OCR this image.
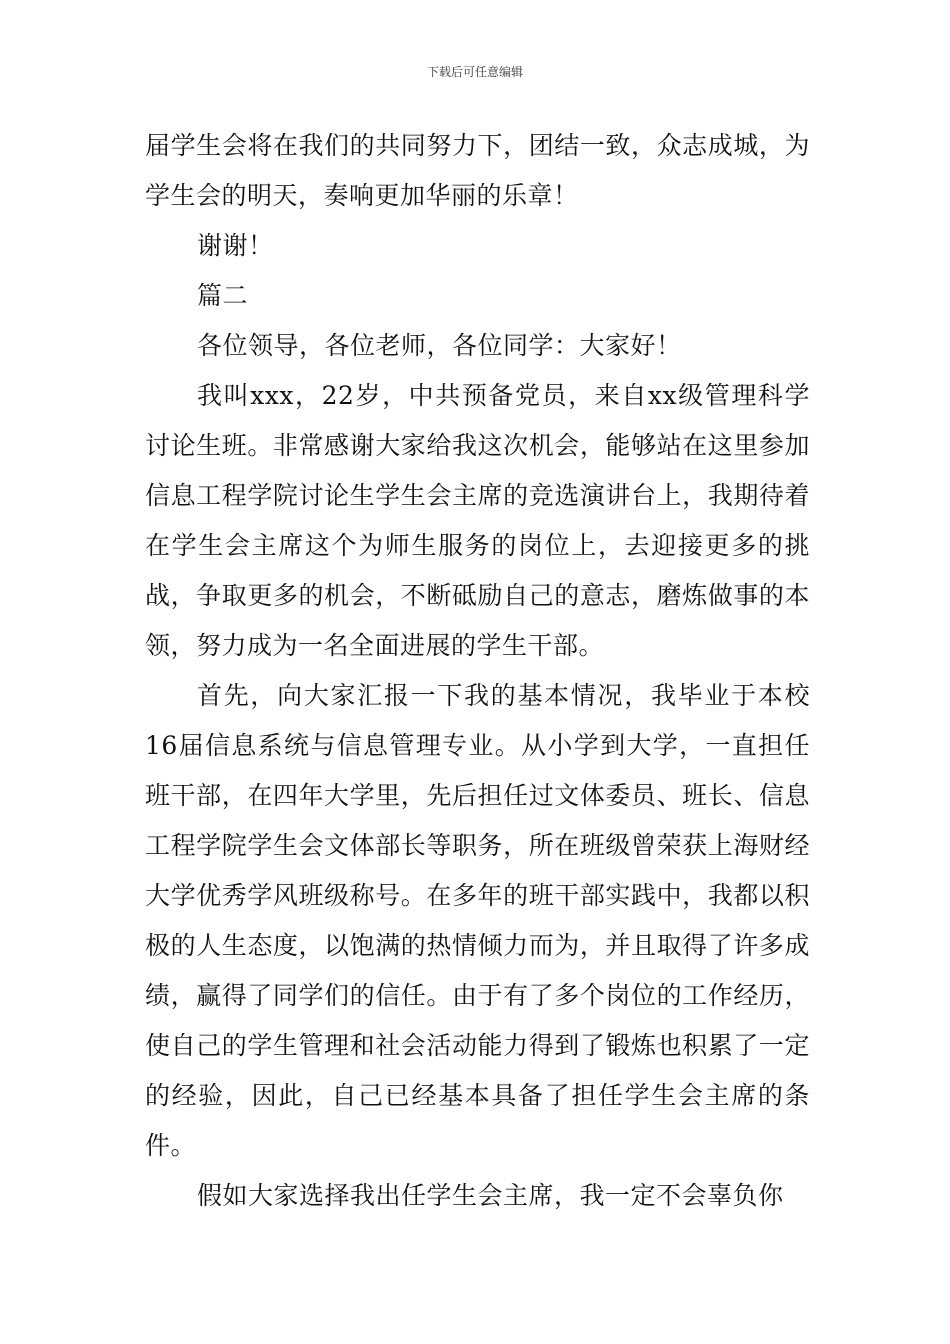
下载后可任意编辑

届学生会将在我们的共同努力下，团结一致，众志成城，为学生会的明天，奏响更加华丽的乐章！

谢谢！

篇二

各位领导，各位老师，各位同学：大家好！

我叫xxx，22岁，中共预备党员，来自xx级管理科学讨论生班。非常感谢大家给我这次机会，能够站在这里参加信息工程学院讨论生学生会主席的竞选演讲台上，我期待着在学生会主席这个为师生服务的岗位上，去迎接更多的挑战，争取更多的机会，不断砥励自己的意志，磨炼做事的本领，努力成为一名全面进展的学生干部。

首先，向大家汇报一下我的基本情况，我毕业于本校16届信息系统与信息管理专业。从小学到大学，一直担任班干部，在四年大学里，先后担任过文体委员、班长、信息工程学院学生会文体部长等职务，所在班级曾荣获上海财经大学优秀学风班级称号。在多年的班干部实践中，我都以积极的人生态度，以饱满的热情倾力而为，并且取得了许多成绩，赢得了同学们的信任。由于有了多个岗位的工作经历，使自己的学生管理和社会活动能力得到了锻炼也积累了一定的经验，因此，自己已经基本具备了担任学生会主席的条件。

假如大家选择我出任学生会主席，我一定不会辜负你
